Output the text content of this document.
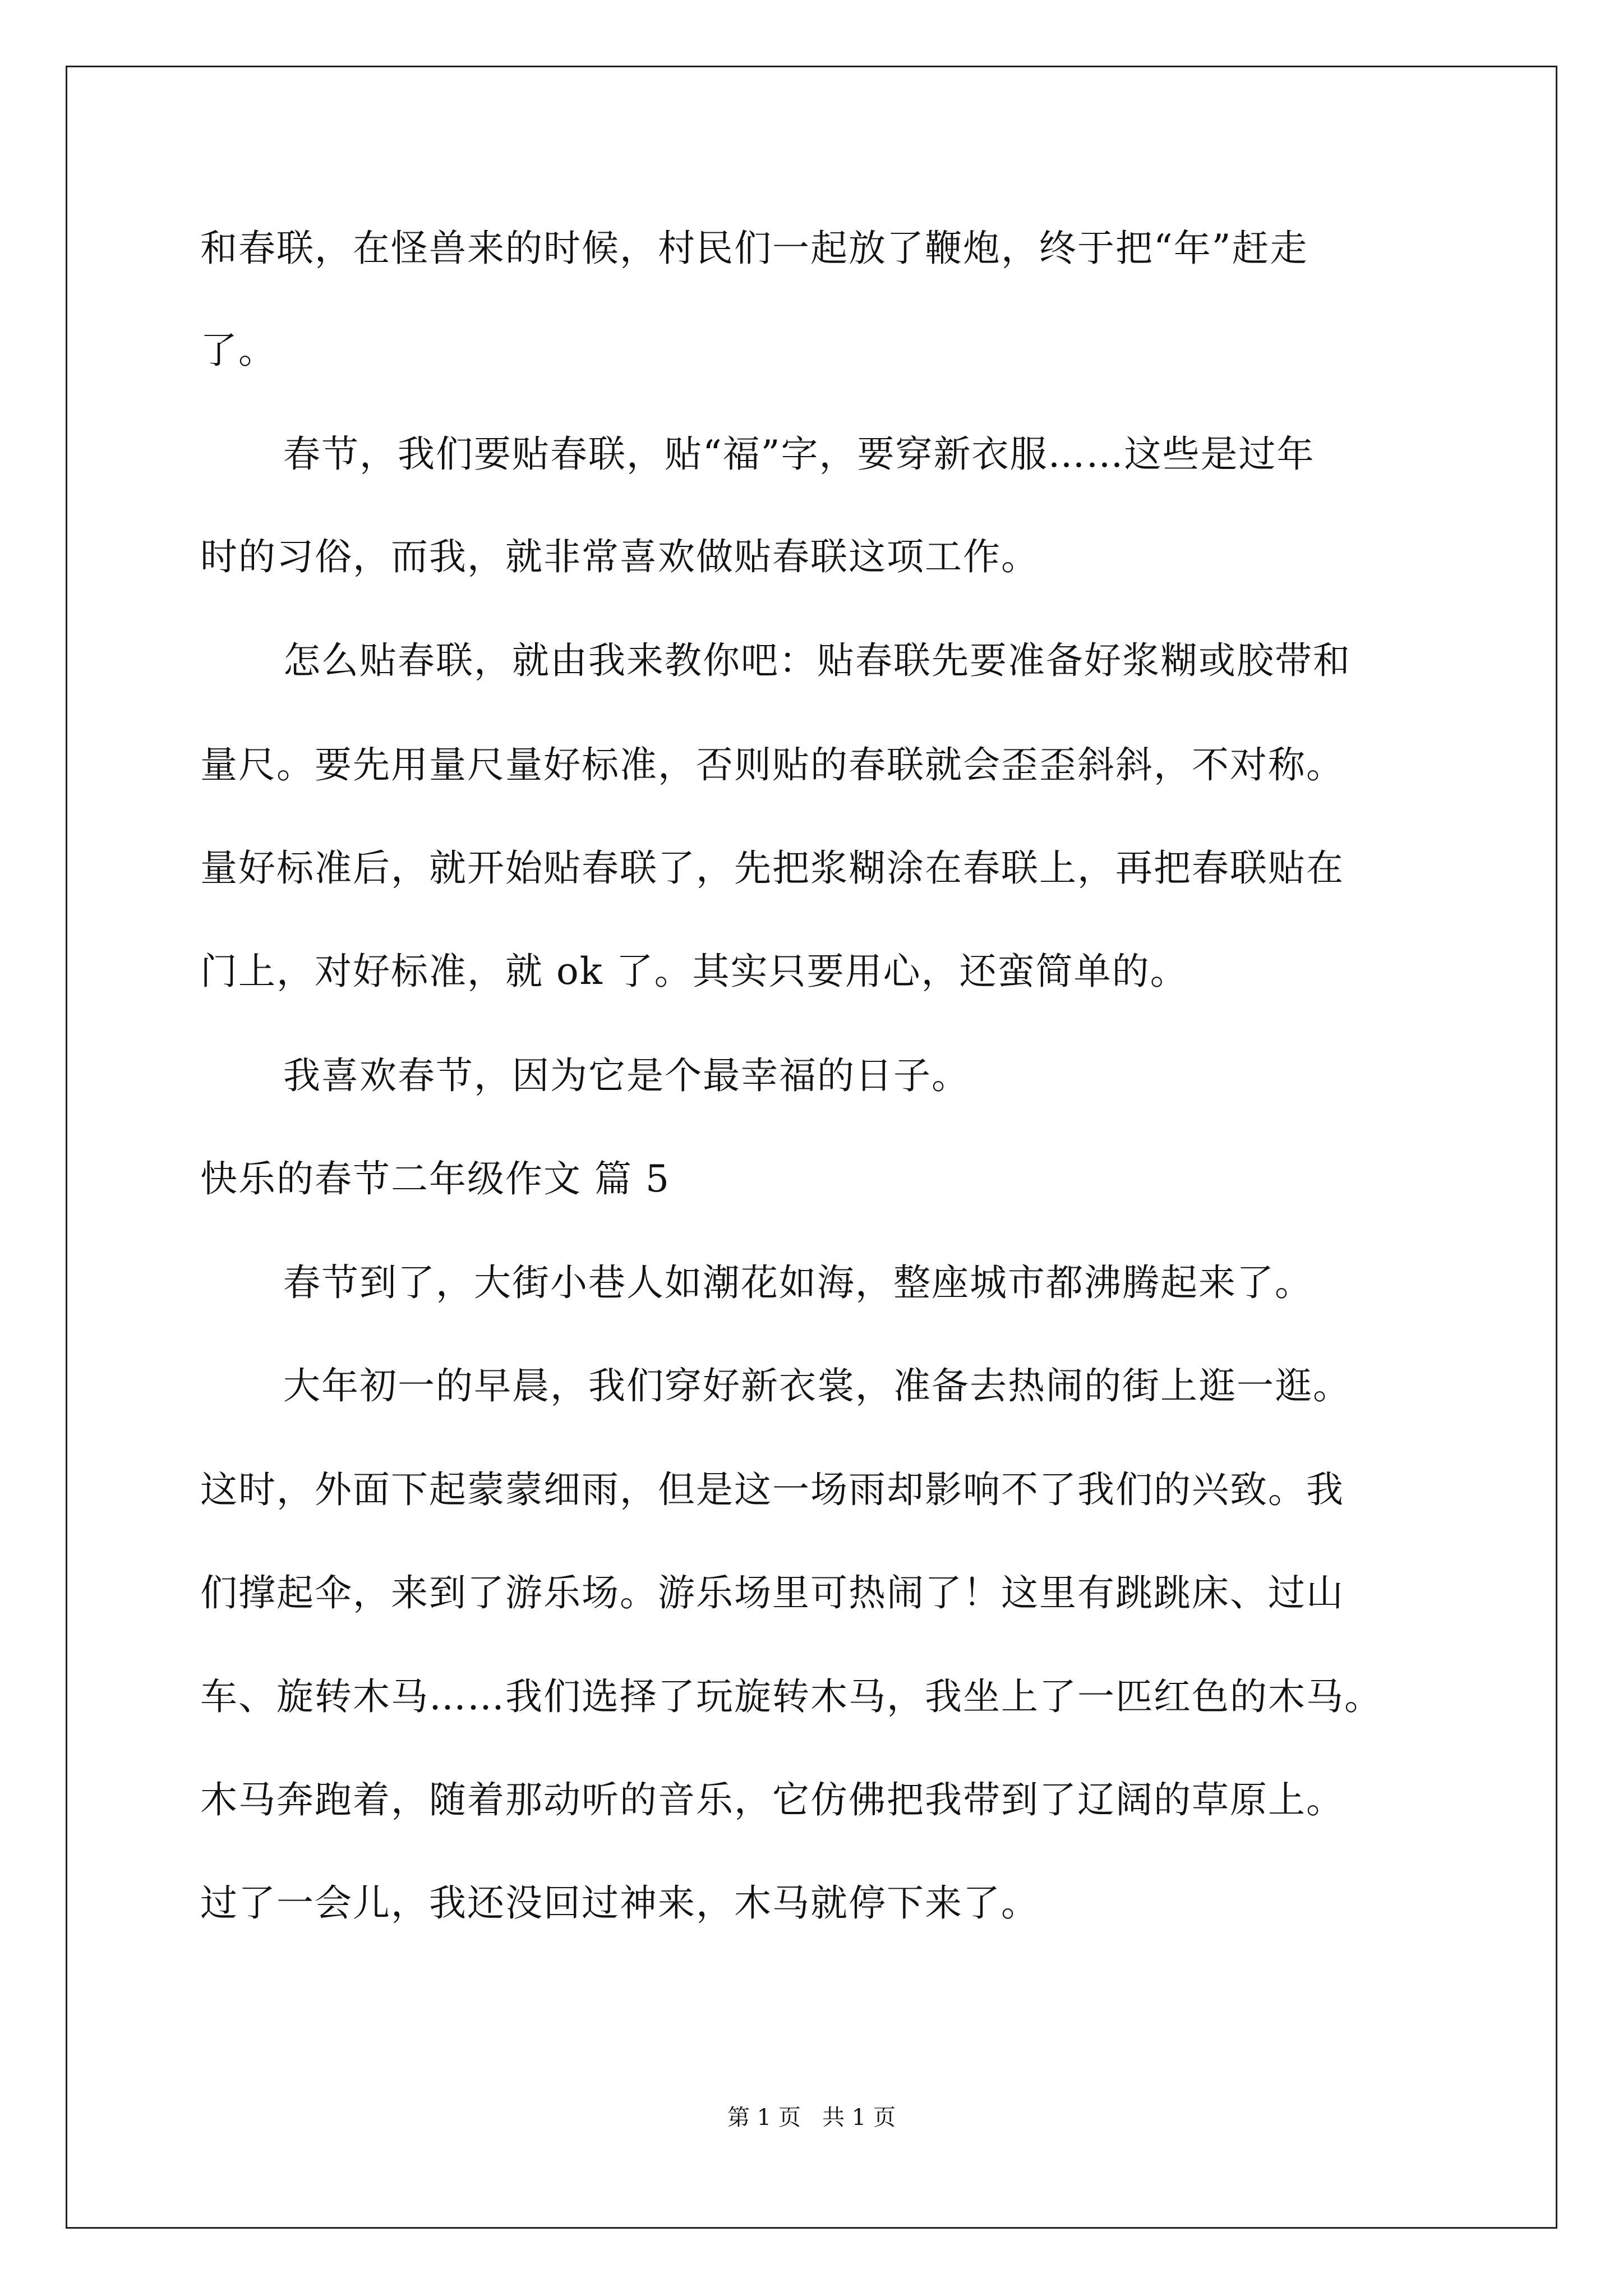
和春联，在怪兽来的时候，村民们一起放了鞭炮，终于把“年”赶走

了。

春节，我们要贴春联，贴“福”字，要穿新衣服……这些是过年

时的习俗，而我，就非常喜欢做贴春联这项工作。

怎么贴春联，就由我来教你吧：贴春联先要准备好浆糊或胶带和

量尺。要先用量尺量好标准，否则贴的春联就会歪歪斜斜，不对称。

量好标准后，就开始贴春联了，先把浆糊涂在春联上，再把春联贴在

门上，对好标准，就 ok 了。其实只要用心，还蛮简单的。

我喜欢春节，因为它是个最幸福的日子。

快乐的春节二年级作文 篇 5

春节到了，大街小巷人如潮花如海，整座城市都沸腾起来了。

大年初一的早晨，我们穿好新衣裳，准备去热闹的街上逛一逛。

这时，外面下起蒙蒙细雨，但是这一场雨却影响不了我们的兴致。我

们撑起伞，来到了游乐场。游乐场里可热闹了！这里有跳跳床、过山

车、旋转木马……我们选择了玩旋转木马，我坐上了一匹红色的木马。

木马奔跑着，随着那动听的音乐，它仿佛把我带到了辽阔的草原上。

过了一会儿，我还没回过神来，木马就停下来了。

第 1 页   共 1 页
